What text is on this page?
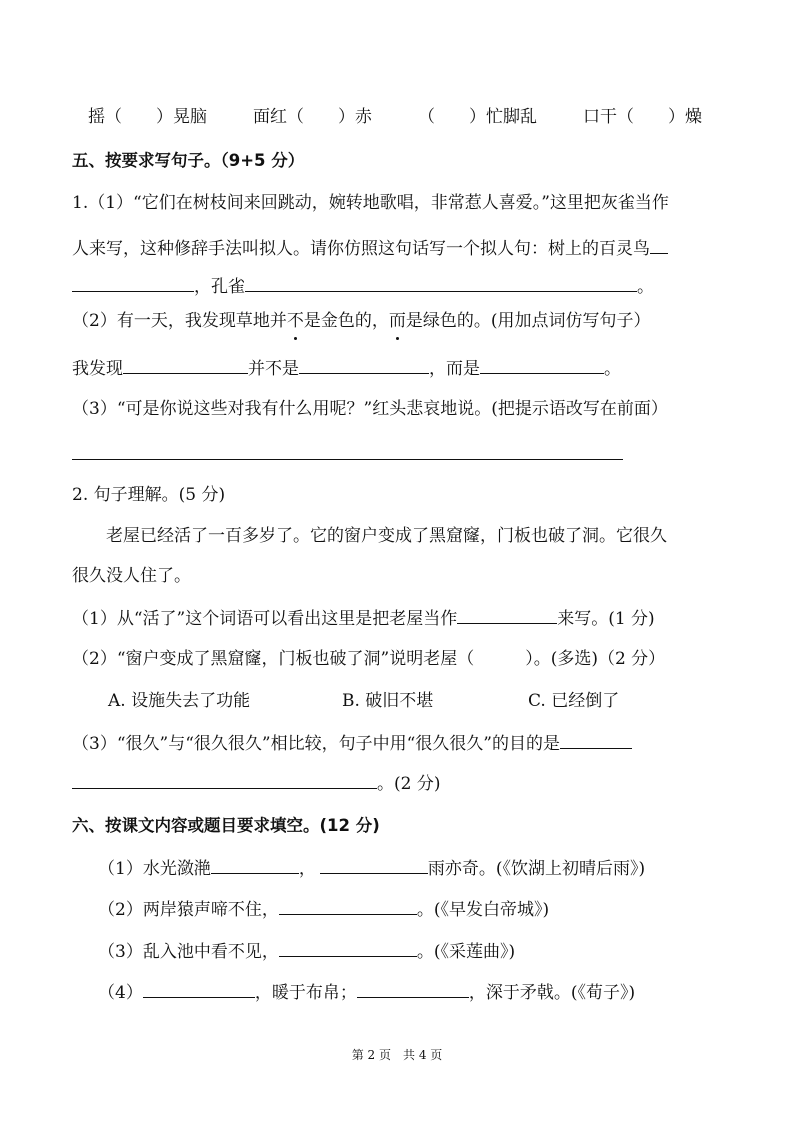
摇（　　）晃脑	面红（　　）赤	（　　）忙脚乱	口干（　　）燥
五、按要求写句子。（9+5 分）
1.（1）“它们在树枝间来回跳动，婉转地歌唱，非常惹人喜爱。”这里把灰雀当作
人来写，这种修辞手法叫拟人。请你仿照这句话写一个拟人句：树上的百灵鸟
，孔雀	。
（2）有一天，我发现草地并不是金色的，而是绿色的。(用加点词仿写句子）
我发现	并不是	，而是	。
（3）“可是你说这些对我有什么用呢？”红头悲哀地说。(把提示语改写在前面）
2. 句子理解。(5 分)
老屋已经活了一百多岁了。它的窗户变成了黑窟窿，门板也破了洞。它很久
很久没人住了。
（1）从“活了”这个词语可以看出这里是把老屋当作	来写。(1 分)
（2）“窗户变成了黑窟窿，门板也破了洞”说明老屋（　　　）。(多选)（2 分）
A. 设施失去了功能	B. 破旧不堪	C. 已经倒了
（3）“很久”与“很久很久”相比较，句子中用“很久很久”的目的是
。(2 分)
六、按课文内容或题目要求填空。(12 分)
（1）水光潋滟	，	雨亦奇。(《饮湖上初晴后雨》)
（2）两岸猿声啼不住，	。(《早发白帝城》)
（3）乱入池中看不见，	。(《采莲曲》)
（4）	，暖于布帛；	，深于矛戟。(《荀子》)
第 2 页　共 4 页
